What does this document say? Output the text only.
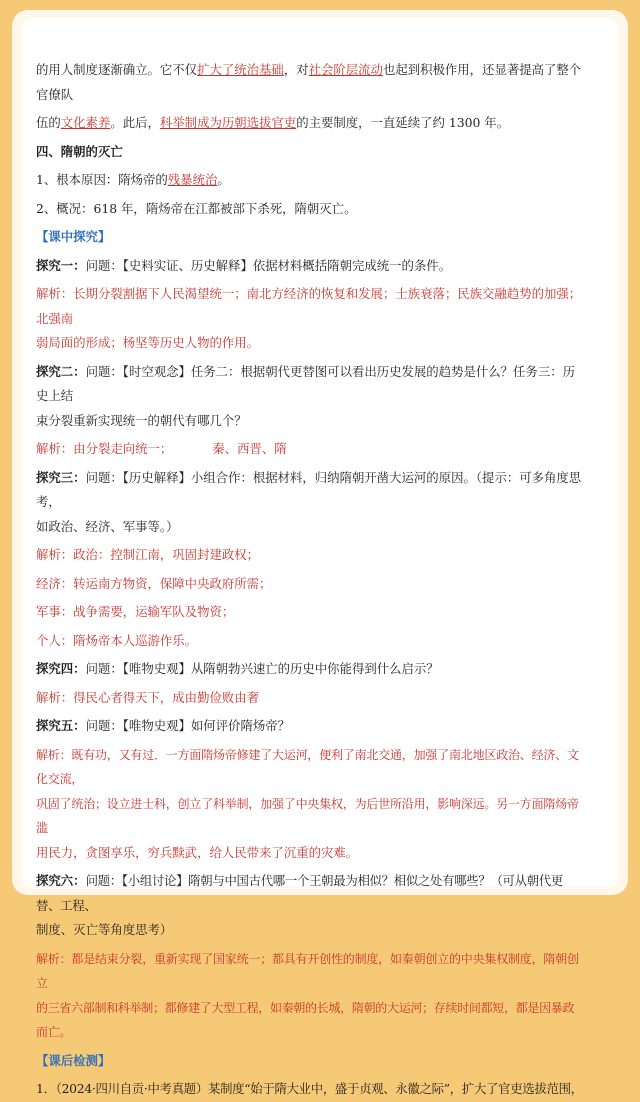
的用人制度逐渐确立。它不仅扩大了统治基础，对社会阶层流动也起到积极作用，还显著提高了整个官僚队

伍的文化素养。此后，科举制成为历朝选拔官吏的主要制度，一直延续了约 1300 年。

四、隋朝的灭亡

1、根本原因：隋炀帝的残暴统治。

2、概况：618 年，隋炀帝在江都被部下杀死，隋朝灭亡。

【课中探究】

探究一：问题：【史料实证、历史解释】依据材料概括隋朝完成统一的条件。

解析：长期分裂割据下人民渴望统一；南北方经济的恢复和发展；士族衰落；民族交融趋势的加强；北强南

弱局面的形成；杨坚等历史人物的作用。

探究二：问题：【时空观念】任务二：根据朝代更替图可以看出历史发展的趋势是什么？任务三：历史上结

束分裂重新实现统一的朝代有哪几个？

解析：由分裂走向统一；	秦、西晋、隋

探究三：问题：【历史解释】小组合作：根据材料，归纳隋朝开凿大运河的原因。（提示：可多角度思考，

如政治、经济、军事等。）

解析：政治：控制江南，巩固封建政权；

经济：转运南方物资，保障中央政府所需；

军事：战争需要，运输军队及物资；

个人：隋炀帝本人巡游作乐。

探究四：问题：【唯物史观】从隋朝勃兴速亡的历史中你能得到什么启示？

解析：得民心者得天下，成由勤俭败由奢

探究五：问题：【唯物史观】如何评价隋炀帝？

解析：既有功，又有过．一方面隋炀帝修建了大运河，便利了南北交通，加强了南北地区政治、经济、文化交流，

巩固了统治；设立进士科，创立了科举制，加强了中央集权，为后世所沿用，影响深远。另一方面隋炀帝滥

用民力，贪图享乐，穷兵黩武，给人民带来了沉重的灾难。

探究六：问题：【小组讨论】隋朝与中国古代哪一个王朝最为相似？相似之处有哪些？（可从朝代更替、工程、

制度、灭亡等角度思考）

解析：都是结束分裂，重新实现了国家统一；都具有开创性的制度，如秦朝创立的中央集权制度，隋朝创立

的三省六部制和科举制；都修建了大型工程，如秦朝的长城，隋朝的大运河；存续时间都短，都是因暴政而亡。

【课后检测】

1．（2024·四川自贡·中考真题）某制度“始于隋大业中，盛于贞观、永徽之际”，扩大了官吏选拔范围，
